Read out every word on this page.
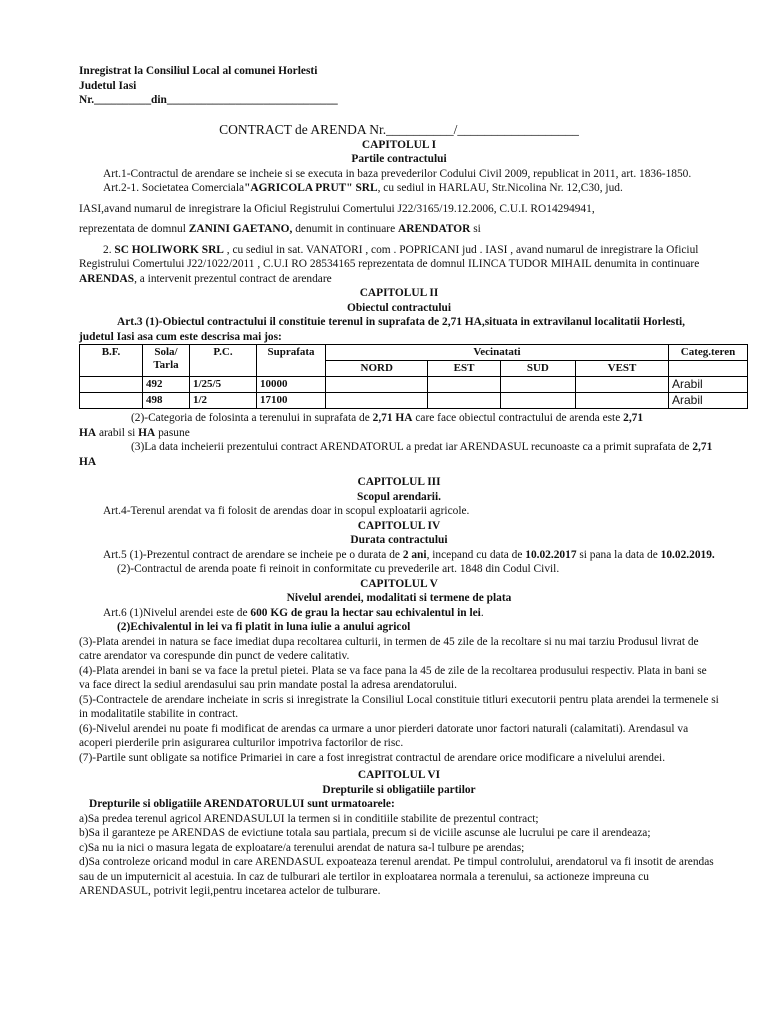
Inregistrat la Consiliul Local al comunei Horlesti

Judetul Iasi

Nr.__________din______________________________

CONTRACT de ARENDA Nr.__________/__________________

CAPITOLUL I

Partile contractului

Art.1-Contractul de arendare se incheie si se executa in baza prevederilor Codului Civil 2009, republicat in 2011, art. 1836-1850.

Art.2-1. Societatea Comerciala"AGRICOLA PRUT" SRL, cu sediul in HARLAU, Str.Nicolina Nr. 12,C30, jud.

IASI,avand numarul de inregistrare la Oficiul Registrului Comertului J22/3165/19.12.2006, C.U.I. RO14294941,

reprezentata de domnul ZANINI GAETANO, denumit in continuare ARENDATOR si

2. SC HOLIWORK SRL , cu sediul in sat. VANATORI , com . POPRICANI jud . IASI , avand numarul de inregistrare la Oficiul Registrului Comertului J22/1022/2011 , C.U.I RO 28534165 reprezentata de domnul ILINCA TUDOR MIHAIL denumita in continuare ARENDAS, a intervenit prezentul contract de arendare

CAPITOLUL II

Obiectul contractului

Art.3 (1)-Obiectul contractului il constituie terenul in suprafata de 2,71 HA,situata in extravilanul localitatii Horlesti, judetul Iasi asa cum este descrisa mai jos:

B.F.	Sola/ Tarla	P.C.	Suprafata	Vecinatati				Categ.teren
				NORD	EST	SUD	VEST	
	492	1/25/5	10000					Arabil
	498	1/2	17100					Arabil

(2)-Categoria de folosinta a terenului in suprafata de 2,71 HA care face obiectul contractului de arenda este 2,71
HA arabil si HA pasune

(3)La data incheierii prezentului contract ARENDATORUL a predat iar ARENDASUL recunoaste ca a primit suprafata de 2,71 HA

CAPITOLUL III

Scopul arendarii.

Art.4-Terenul arendat va fi folosit de arendas doar in scopul exploatarii agricole.

CAPITOLUL IV

Durata contractului

Art.5 (1)-Prezentul contract de arendare se incheie pe o durata de 2 ani, incepand cu data de 10.02.2017 si pana la data de 10.02.2019.

(2)-Contractul de arenda poate fi reinoit in conformitate cu prevederile art. 1848 din Codul Civil.

CAPITOLUL V

Nivelul arendei, modalitati si termene de plata

Art.6 (1)Nivelul arendei este de 600 KG de grau la hectar sau echivalentul in lei.

(2)Echivalentul in lei va fi platit in luna iulie a anului agricol

(3)-Plata arendei in natura se face imediat dupa recoltarea culturii, in termen de 45 zile de la recoltare si nu mai tarziu Produsul livrat de catre arendator va corespunde din punct de vedere calitativ.

(4)-Plata arendei in bani se va face la pretul pietei. Plata se va face pana la 45 de zile de la recoltarea produsului respectiv. Plata in bani se va face direct la sediul arendasului sau prin mandate postal la adresa arendatorului.

(5)-Contractele de arendare incheiate in scris si inregistrate la Consiliul Local constituie titluri executorii pentru plata arendei la termenele si in modalitatile stabilite in contract.

(6)-Nivelul arendei nu poate fi modificat de arendas ca urmare a unor pierderi datorate unor factori naturali (calamitati). Arendasul va acoperi pierderile prin asigurarea culturilor impotriva factorilor de risc.

(7)-Partile sunt obligate sa notifice Primariei in care a fost inregistrat contractul de arendare orice modificare a nivelului arendei.

CAPITOLUL VI

Drepturile si obligatiile partilor

Drepturile si obligatiile ARENDATORULUI sunt urmatoarele:

a)Sa predea terenul agricol ARENDASULUI la termen si in conditiile stabilite de prezentul contract;

b)Sa il garanteze pe ARENDAS de evictiune totala sau partiala, precum si de viciile ascunse ale lucrului pe care il arendeaza;

c)Sa nu ia nici o masura legata de exploatare/a terenului arendat de natura sa-l tulbure pe arendas;

d)Sa controleze oricand modul in care ARENDASUL expoateaza terenul arendat. Pe timpul controlului, arendatorul va fi insotit de arendas sau de un imputernicit al acestuia. In caz de tulburari ale tertilor in exploatarea normala a terenului, sa actioneze impreuna cu ARENDASUL, potrivit legii,pentru incetarea actelor de tulburare.
